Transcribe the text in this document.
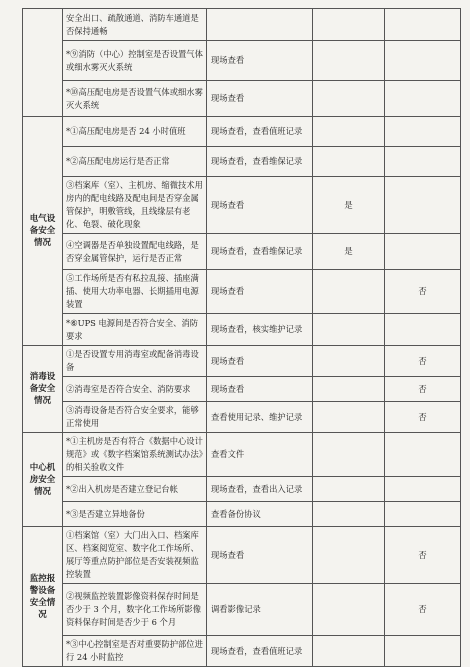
	安全出口、疏散通道、消防车通道是否保持通畅			
	*⑨消防（中心）控制室是否设置气体或细水雾灭火系统	现场查看		
	*⑩高压配电房是否设置气体或细水雾灭火系统	现场查看		
电气设备安全情况	*①高压配电房是否 24 小时值班	现场查看，查看值班记录		
	*②高压配电房运行是否正常	现场查看，查看维保记录		
	③档案库（室）、主机房、缩微技术用房内的配电线路及配电间是否穿金属管保护，明敷管线，且线缘层有老化、龟裂、破化现象	现场查看	是	
	④空调器是否单独设置配电线路，是否穿金属管保护，运行是否正常	现场查看，查看维保记录	是	
	⑤工作场所是否有私拉乱接、插座满插、使用大功率电器、长期插用电源装置	现场查看		否
	*⑥UPS 电源间是否符合安全、消防要求	现场查看，核实维护记录		
消毒设备安全情况	①是否设置专用消毒室或配备消毒设备	现场查看		否
	②消毒室是否符合安全、消防要求	现场查看		否
	③消毒设备是否符合安全要求，能够正常使用	查看使用记录、维护记录		否
中心机房安全情况	*①主机房是否有符合《数据中心设计规范》或《数字档案馆系统测试办法》的相关验收文件	查看文件		
	*②出入机房是否建立登记台帐	现场查看，查看出入记录		
	*③是否建立异地备份	查看备份协议		
监控报警设备安全情况	①档案馆（室）大门出入口、档案库区、档案阅览室、数字化工作场所、展厅等重点防护部位是否安装视频监控装置	现场查看		否
	②视频监控装置影像资料保存时间是否少于 3 个月，数字化工作场所影像资料保存时间是否少于 6 个月	调看影像记录		否
	*③中心控制室是否对重要防护部位进行 24 小时监控	现场查看，查看值班记录		
